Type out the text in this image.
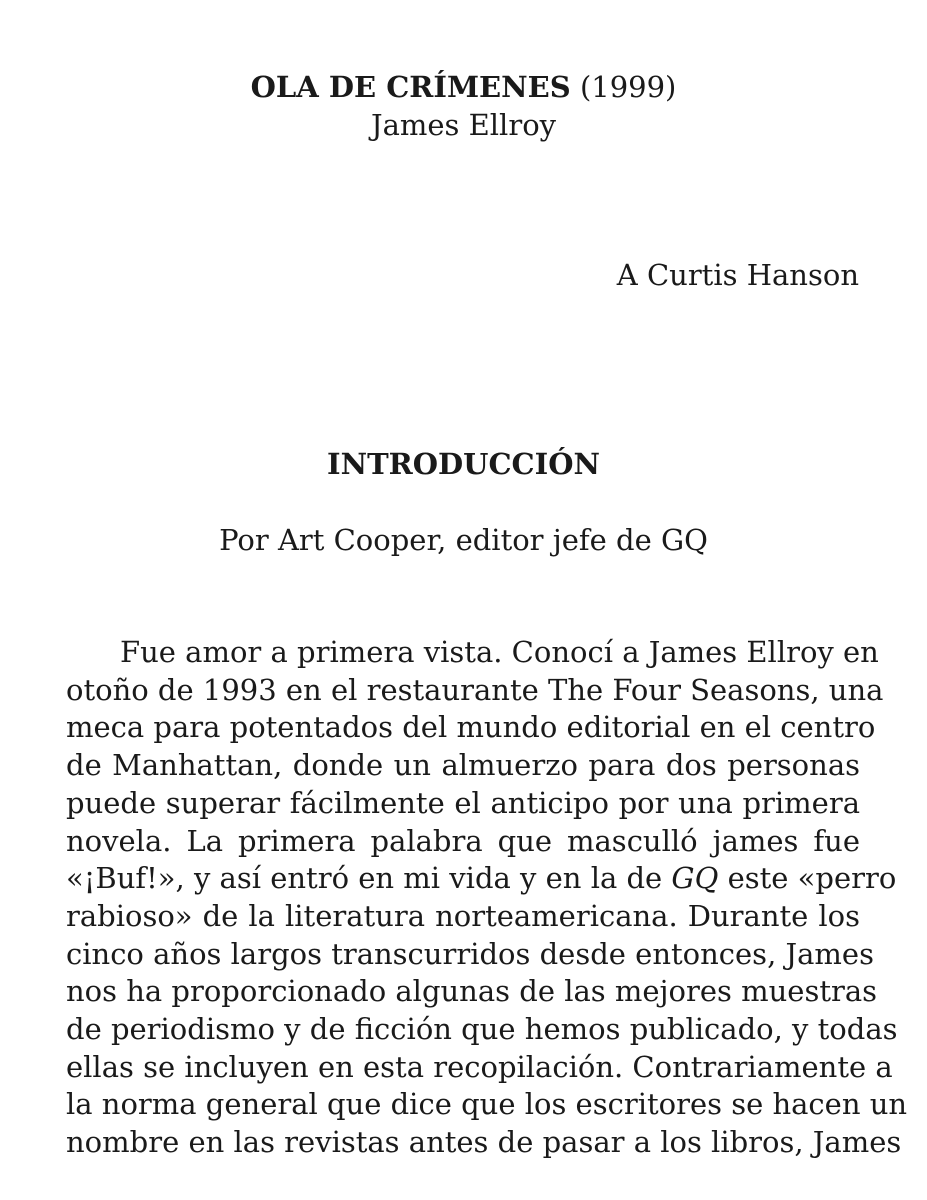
OLA DE CRÍMENES (1999)
James Ellroy
A Curtis Hanson
INTRODUCCIÓN
Por Art Cooper, editor jefe de GQ
Fue amor a primera vista. Conocí a James Ellroy en
otoño de 1993 en el restaurante The Four Seasons, una
meca para potentados del mundo editorial en el centro
de Manhattan, donde un almuerzo para dos personas
puede superar fácilmente el anticipo por una primera
novela. La primera palabra que masculló james fue
«¡Buf!», y así entró en mi vida y en la de GQ este «perro
rabioso» de la literatura norteamericana. Durante los
cinco años largos transcurridos desde entonces, James
nos ha proporcionado algunas de las mejores muestras
de periodismo y de ficción que hemos publicado, y todas
ellas se incluyen en esta recopilación. Contrariamente a
la norma general que dice que los escritores se hacen un
nombre en las revistas antes de pasar a los libros, James
